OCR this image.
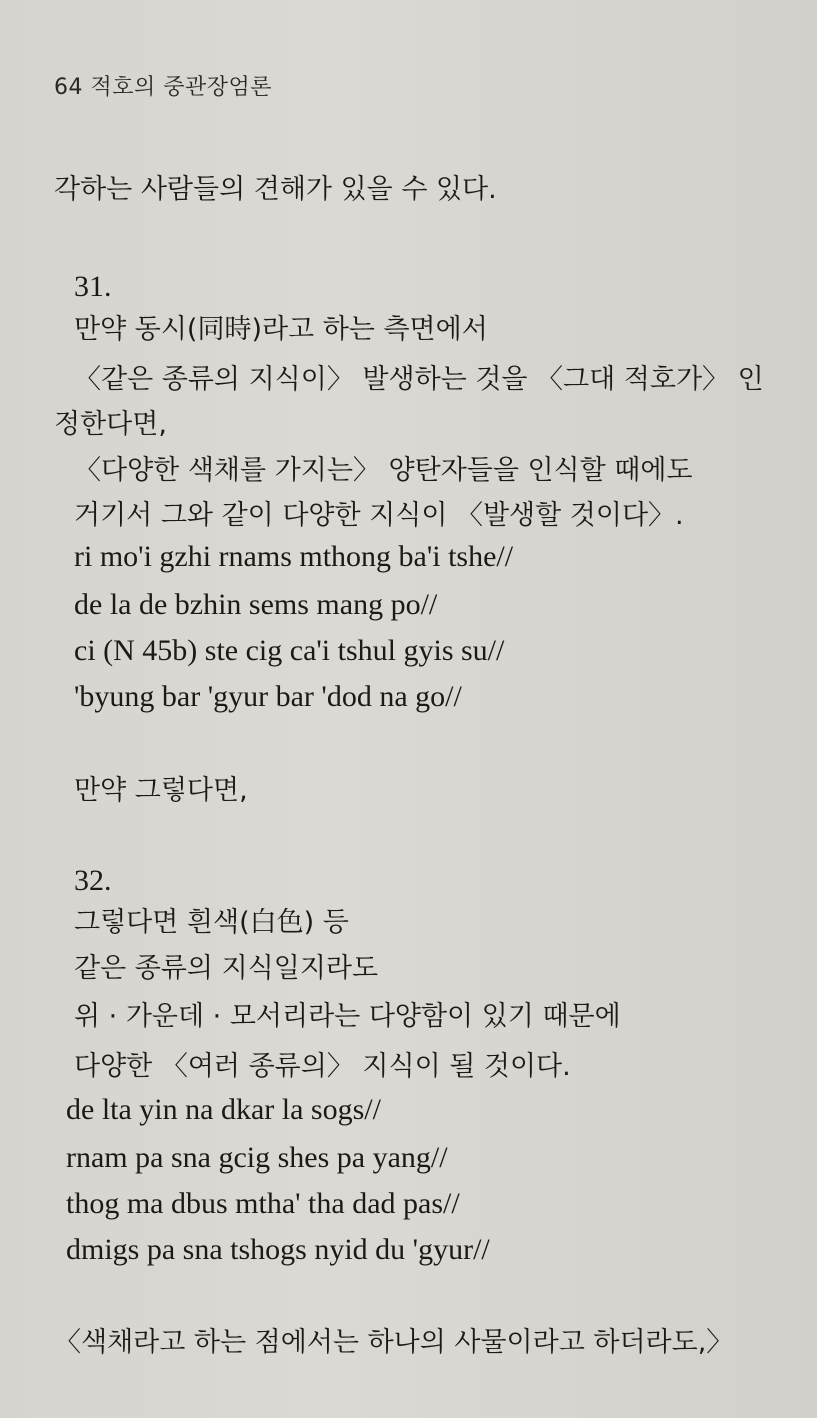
64 적호의 중관장엄론
각하는 사람들의 견해가 있을 수 있다.
31.
만약 동시(同時)라고 하는 측면에서
〈같은 종류의 지식이〉 발생하는 것을 〈그대 적호가〉 인
정한다면,
〈다양한 색채를 가지는〉 양탄자들을 인식할 때에도
거기서 그와 같이 다양한 지식이 〈발생할 것이다〉.
ri mo'i gzhi rnams mthong ba'i tshe//
de la de bzhin sems mang po//
ci (N 45b) ste cig ca'i tshul gyis su//
'byung bar 'gyur bar 'dod na go//
만약 그렇다면,
32.
그렇다면 흰색(白色) 등
같은 종류의 지식일지라도
위 · 가운데 · 모서리라는 다양함이 있기 때문에
다양한 〈여러 종류의〉 지식이 될 것이다.
de lta yin na dkar la sogs//
rnam pa sna gcig shes pa yang//
thog ma dbus mtha' tha dad pas//
dmigs pa sna tshogs nyid du 'gyur//
〈색채라고 하는 점에서는 하나의 사물이라고 하더라도,〉
